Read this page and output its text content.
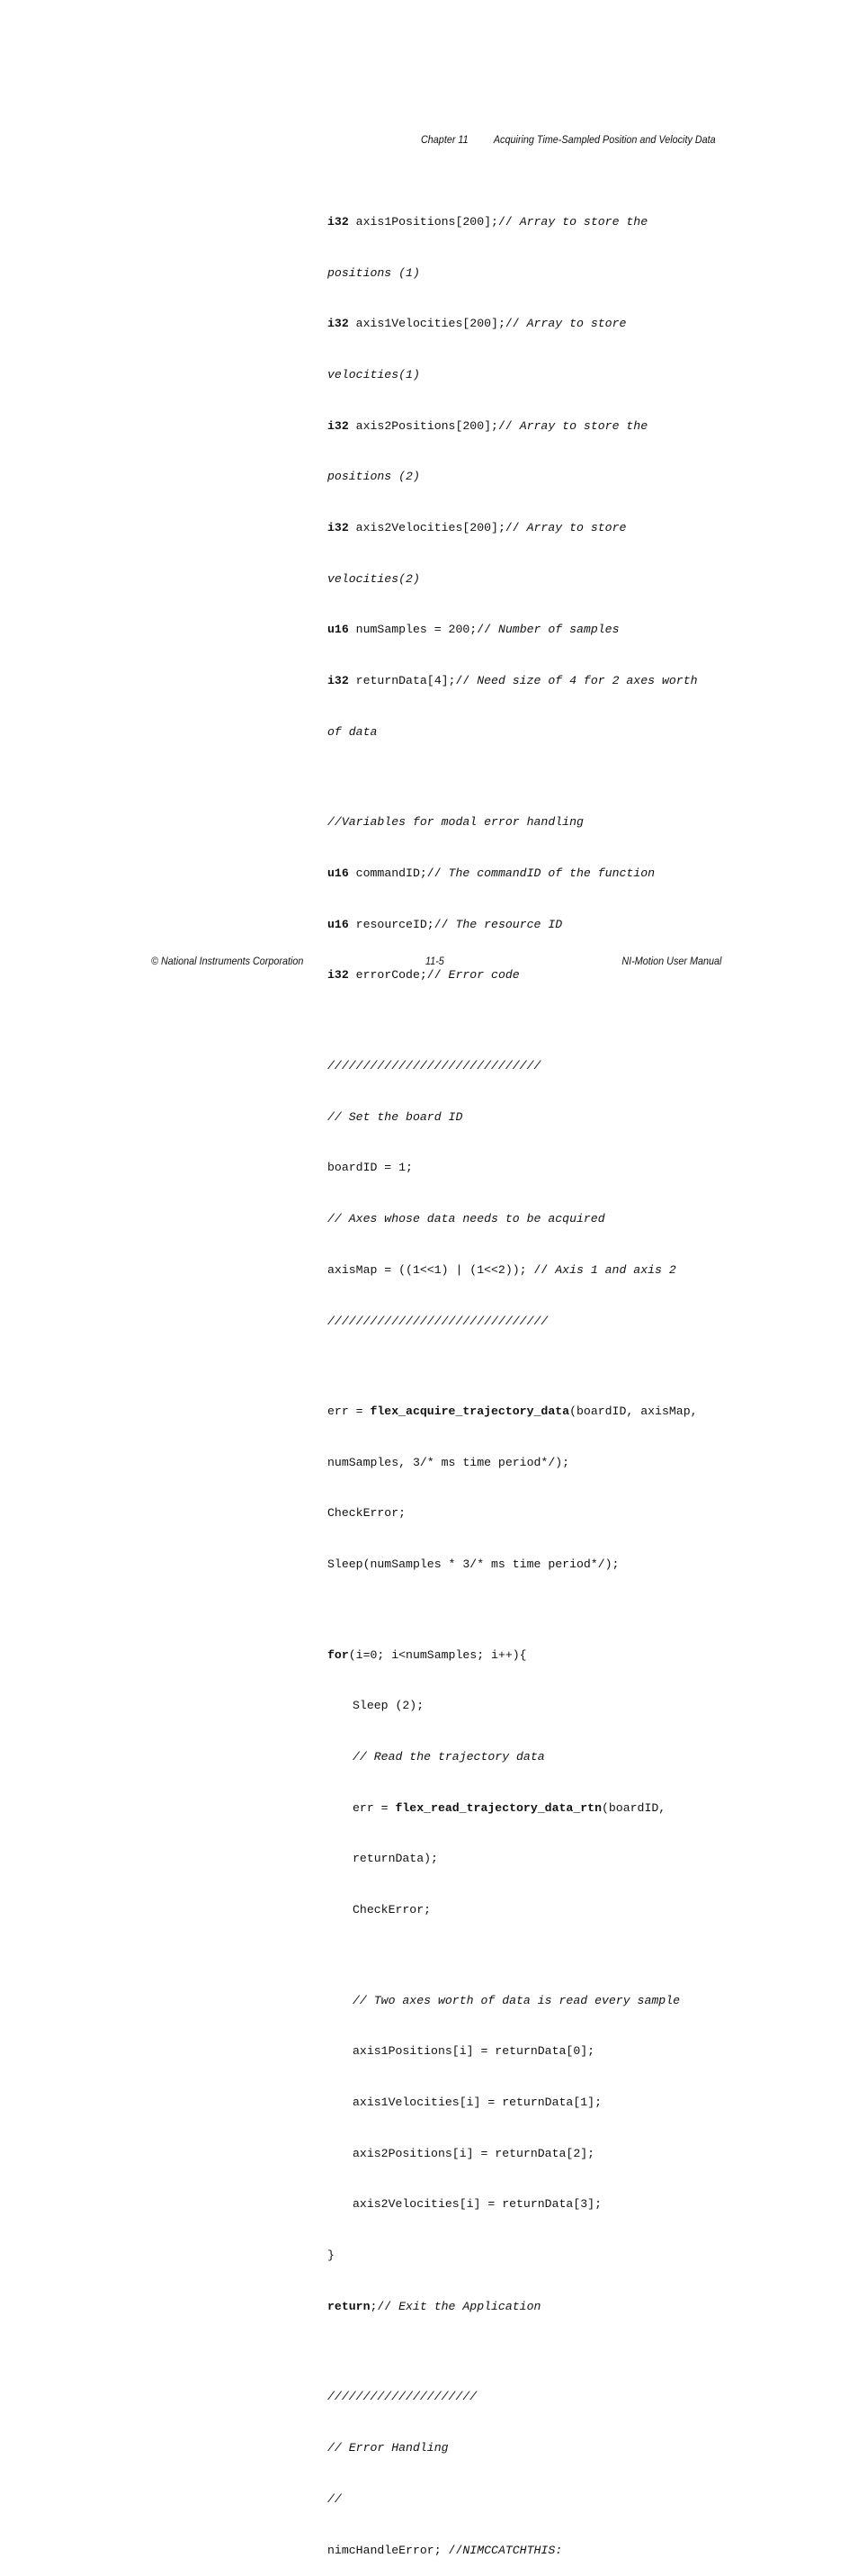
Chapter 11 Acquiring Time-Sampled Position and Velocity Data

i32 axis1Positions[200];// Array to store the

positions (1)

i32 axis1Velocities[200];// Array to store

velocities(1)

i32 axis2Positions[200];// Array to store the

positions (2)

i32 axis2Velocities[200];// Array to store

velocities(2)

u16 numSamples = 200;// Number of samples

i32 returnData[4];// Need size of 4 for 2 axes worth

of data

//Variables for modal error handling

u16 commandID;// The commandID of the function

u16 resourceID;// The resource ID

i32 errorCode;// Error code

//////////////////////////////

// Set the board ID

boardID = 1;

// Axes whose data needs to be acquired

axisMap = ((1<<1) | (1<<2)); // Axis 1 and axis 2

///////////////////////////////

err = flex_acquire_trajectory_data(boardID, axisMap,

numSamples, 3/* ms time period*/);

CheckError;

Sleep(numSamples * 3/* ms time period*/);

for(i=0; i<numSamples; i++){

Sleep (2);

// Read the trajectory data

err = flex_read_trajectory_data_rtn(boardID,

returnData);

CheckError;

// Two axes worth of data is read every sample

axis1Positions[i] = returnData[0];

axis1Velocities[i] = returnData[1];

axis2Positions[i] = returnData[2];

axis2Velocities[i] = returnData[3];

}

return;// Exit the Application

/////////////////////

// Error Handling

//

nimcHandleError; //NIMCCATCHTHIS:

© National Instruments Corporation	11-5	NI-Motion User Manual
